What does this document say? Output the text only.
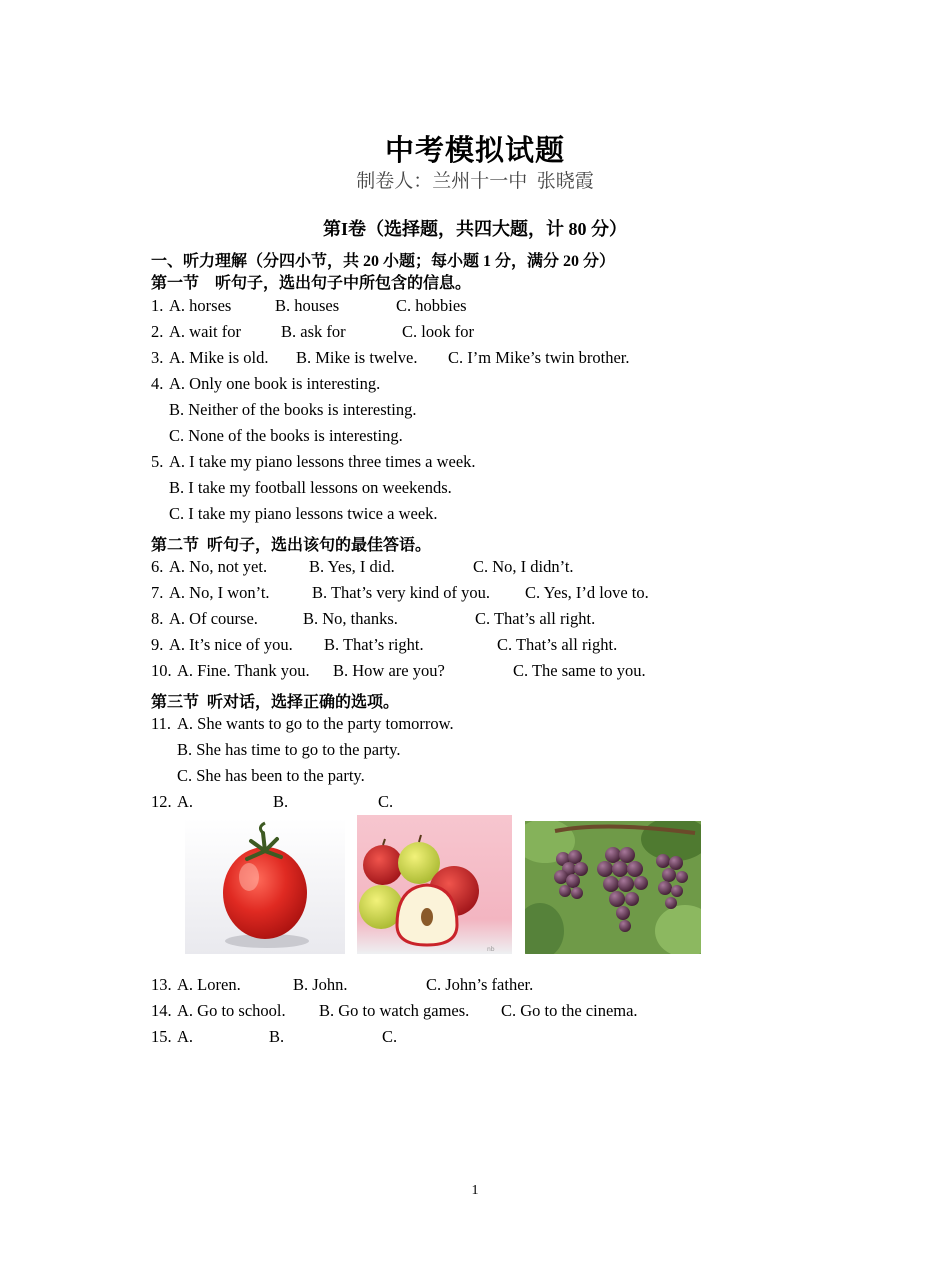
中考模拟试题
制卷人：兰州十一中  张晓霞
第I卷（选择题，共四大题，计 80 分）
一、听力理解（分四小节，共 20 小题；每小题 1 分，满分 20 分）
第一节    听句子，选出句子中所包含的信息。
1. A. horses	B. houses	C. hobbies
2. A. wait for B. ask for	C. look for
3. A. Mike is old. B. Mike is twelve. C. I’m Mike’s twin brother.
4. A. Only one book is interesting.
B. Neither of the books is interesting.
C. None of the books is interesting.
5. A. I take my piano lessons three times a week.
B. I take my football lessons on weekends.
C. I take my piano lessons twice a week.
第二节  听句子，选出该句的最佳答语。
6. A. No, not yet.	B. Yes, I did.	C. No, I didn’t.
7. A. No, I won’t.	B. That’s very kind of you. C. Yes, I’d love to.
8. A. Of course.	B. No, thanks.	C. That’s all right.
9. A. It’s nice of you. B. That’s right.	C. That’s all right.
10. A. Fine. Thank you. B. How are you?	C. The same to you.
第三节  听对话，选择正确的选项。
11. A. She wants to go to the party tomorrow.
B. She has time to go to the party.
C. She has been to the party.
12. A.	B.	C.
nb
13. A. Loren.	B. John.	C. John’s father.
14. A. Go to school. B. Go to watch games. C. Go to the cinema.
15. A.	B.	C.
1
